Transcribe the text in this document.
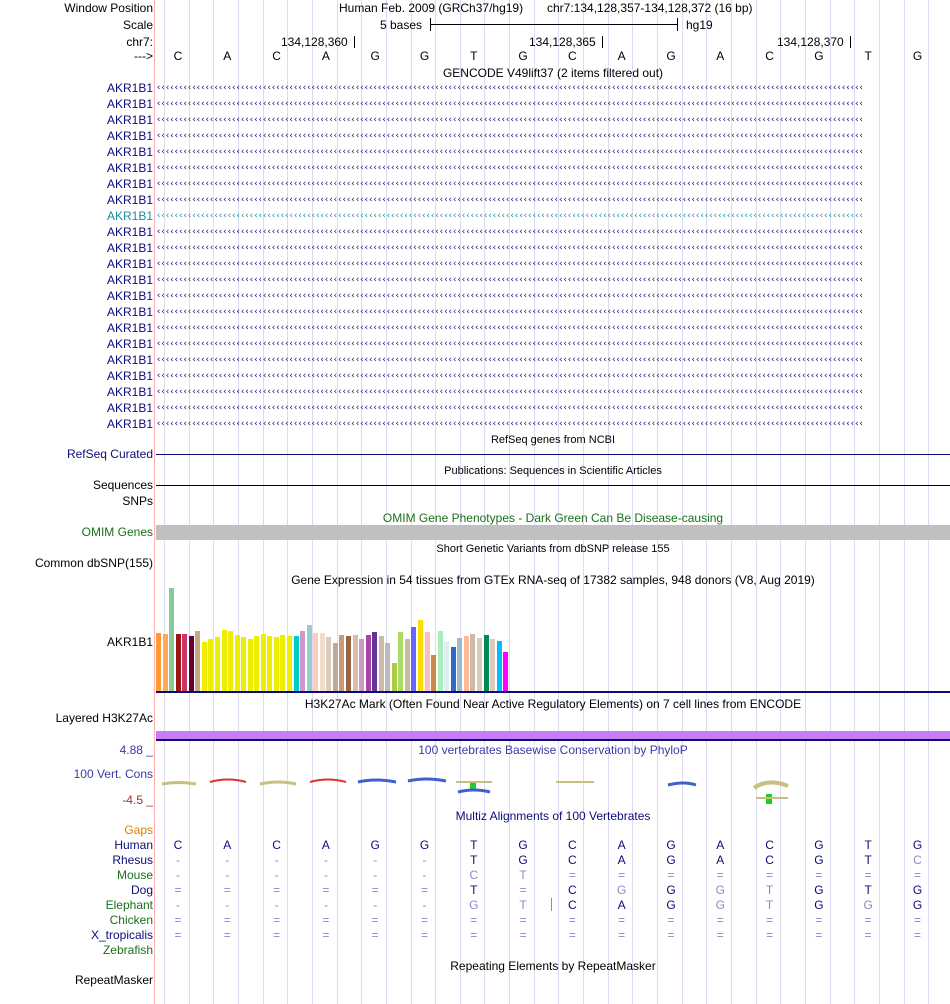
Window Position	Human Feb. 2009 (GRCh37/hg19) chr7:134,128,357-134,128,372 (16 bp)
Scale	5 bases	hg19
chr7:	134,128,360	134,128,365	134,128,370
---> C	A	C	A	G	G	T	G	C	A	G	A	C	G	T	G
GENCODE V49lift37 (2 items filtered out)
AKR1B1 ‹‹‹‹‹‹‹‹‹‹‹‹‹‹‹‹‹‹‹‹‹‹‹‹‹‹‹‹‹‹‹‹‹‹‹‹‹‹‹‹‹‹‹‹‹‹‹‹‹‹‹‹‹‹‹‹‹‹‹‹‹‹‹‹‹‹‹‹‹‹‹‹‹‹‹‹‹‹‹‹‹‹‹‹‹‹‹‹‹‹‹‹‹‹‹‹‹‹‹‹‹‹‹‹‹‹‹‹‹‹‹‹‹‹‹‹‹‹‹‹‹‹‹‹‹‹‹‹‹‹‹‹‹‹‹‹‹‹‹‹‹‹‹‹‹‹‹‹‹‹‹‹‹‹‹‹‹‹‹‹
AKR1B1 ‹‹‹‹‹‹‹‹‹‹‹‹‹‹‹‹‹‹‹‹‹‹‹‹‹‹‹‹‹‹‹‹‹‹‹‹‹‹‹‹‹‹‹‹‹‹‹‹‹‹‹‹‹‹‹‹‹‹‹‹‹‹‹‹‹‹‹‹‹‹‹‹‹‹‹‹‹‹‹‹‹‹‹‹‹‹‹‹‹‹‹‹‹‹‹‹‹‹‹‹‹‹‹‹‹‹‹‹‹‹‹‹‹‹‹‹‹‹‹‹‹‹‹‹‹‹‹‹‹‹‹‹‹‹‹‹‹‹‹‹‹‹‹‹‹‹‹‹‹‹‹‹‹‹‹‹‹‹‹‹
AKR1B1 ‹‹‹‹‹‹‹‹‹‹‹‹‹‹‹‹‹‹‹‹‹‹‹‹‹‹‹‹‹‹‹‹‹‹‹‹‹‹‹‹‹‹‹‹‹‹‹‹‹‹‹‹‹‹‹‹‹‹‹‹‹‹‹‹‹‹‹‹‹‹‹‹‹‹‹‹‹‹‹‹‹‹‹‹‹‹‹‹‹‹‹‹‹‹‹‹‹‹‹‹‹‹‹‹‹‹‹‹‹‹‹‹‹‹‹‹‹‹‹‹‹‹‹‹‹‹‹‹‹‹‹‹‹‹‹‹‹‹‹‹‹‹‹‹‹‹‹‹‹‹‹‹‹‹‹‹‹‹‹‹
AKR1B1 ‹‹‹‹‹‹‹‹‹‹‹‹‹‹‹‹‹‹‹‹‹‹‹‹‹‹‹‹‹‹‹‹‹‹‹‹‹‹‹‹‹‹‹‹‹‹‹‹‹‹‹‹‹‹‹‹‹‹‹‹‹‹‹‹‹‹‹‹‹‹‹‹‹‹‹‹‹‹‹‹‹‹‹‹‹‹‹‹‹‹‹‹‹‹‹‹‹‹‹‹‹‹‹‹‹‹‹‹‹‹‹‹‹‹‹‹‹‹‹‹‹‹‹‹‹‹‹‹‹‹‹‹‹‹‹‹‹‹‹‹‹‹‹‹‹‹‹‹‹‹‹‹‹‹‹‹‹‹‹‹
AKR1B1 ‹‹‹‹‹‹‹‹‹‹‹‹‹‹‹‹‹‹‹‹‹‹‹‹‹‹‹‹‹‹‹‹‹‹‹‹‹‹‹‹‹‹‹‹‹‹‹‹‹‹‹‹‹‹‹‹‹‹‹‹‹‹‹‹‹‹‹‹‹‹‹‹‹‹‹‹‹‹‹‹‹‹‹‹‹‹‹‹‹‹‹‹‹‹‹‹‹‹‹‹‹‹‹‹‹‹‹‹‹‹‹‹‹‹‹‹‹‹‹‹‹‹‹‹‹‹‹‹‹‹‹‹‹‹‹‹‹‹‹‹‹‹‹‹‹‹‹‹‹‹‹‹‹‹‹‹‹‹‹‹
AKR1B1 ‹‹‹‹‹‹‹‹‹‹‹‹‹‹‹‹‹‹‹‹‹‹‹‹‹‹‹‹‹‹‹‹‹‹‹‹‹‹‹‹‹‹‹‹‹‹‹‹‹‹‹‹‹‹‹‹‹‹‹‹‹‹‹‹‹‹‹‹‹‹‹‹‹‹‹‹‹‹‹‹‹‹‹‹‹‹‹‹‹‹‹‹‹‹‹‹‹‹‹‹‹‹‹‹‹‹‹‹‹‹‹‹‹‹‹‹‹‹‹‹‹‹‹‹‹‹‹‹‹‹‹‹‹‹‹‹‹‹‹‹‹‹‹‹‹‹‹‹‹‹‹‹‹‹‹‹‹‹‹‹
AKR1B1 ‹‹‹‹‹‹‹‹‹‹‹‹‹‹‹‹‹‹‹‹‹‹‹‹‹‹‹‹‹‹‹‹‹‹‹‹‹‹‹‹‹‹‹‹‹‹‹‹‹‹‹‹‹‹‹‹‹‹‹‹‹‹‹‹‹‹‹‹‹‹‹‹‹‹‹‹‹‹‹‹‹‹‹‹‹‹‹‹‹‹‹‹‹‹‹‹‹‹‹‹‹‹‹‹‹‹‹‹‹‹‹‹‹‹‹‹‹‹‹‹‹‹‹‹‹‹‹‹‹‹‹‹‹‹‹‹‹‹‹‹‹‹‹‹‹‹‹‹‹‹‹‹‹‹‹‹‹‹‹‹
AKR1B1 ‹‹‹‹‹‹‹‹‹‹‹‹‹‹‹‹‹‹‹‹‹‹‹‹‹‹‹‹‹‹‹‹‹‹‹‹‹‹‹‹‹‹‹‹‹‹‹‹‹‹‹‹‹‹‹‹‹‹‹‹‹‹‹‹‹‹‹‹‹‹‹‹‹‹‹‹‹‹‹‹‹‹‹‹‹‹‹‹‹‹‹‹‹‹‹‹‹‹‹‹‹‹‹‹‹‹‹‹‹‹‹‹‹‹‹‹‹‹‹‹‹‹‹‹‹‹‹‹‹‹‹‹‹‹‹‹‹‹‹‹‹‹‹‹‹‹‹‹‹‹‹‹‹‹‹‹‹‹‹‹
AKR1B1 ‹‹‹‹‹‹‹‹‹‹‹‹‹‹‹‹‹‹‹‹‹‹‹‹‹‹‹‹‹‹‹‹‹‹‹‹‹‹‹‹‹‹‹‹‹‹‹‹‹‹‹‹‹‹‹‹‹‹‹‹‹‹‹‹‹‹‹‹‹‹‹‹‹‹‹‹‹‹‹‹‹‹‹‹‹‹‹‹‹‹‹‹‹‹‹‹‹‹‹‹‹‹‹‹‹‹‹‹‹‹‹‹‹‹‹‹‹‹‹‹‹‹‹‹‹‹‹‹‹‹‹‹‹‹‹‹‹‹‹‹‹‹‹‹‹‹‹‹‹‹‹‹‹‹‹‹‹‹‹‹
AKR1B1 ‹‹‹‹‹‹‹‹‹‹‹‹‹‹‹‹‹‹‹‹‹‹‹‹‹‹‹‹‹‹‹‹‹‹‹‹‹‹‹‹‹‹‹‹‹‹‹‹‹‹‹‹‹‹‹‹‹‹‹‹‹‹‹‹‹‹‹‹‹‹‹‹‹‹‹‹‹‹‹‹‹‹‹‹‹‹‹‹‹‹‹‹‹‹‹‹‹‹‹‹‹‹‹‹‹‹‹‹‹‹‹‹‹‹‹‹‹‹‹‹‹‹‹‹‹‹‹‹‹‹‹‹‹‹‹‹‹‹‹‹‹‹‹‹‹‹‹‹‹‹‹‹‹‹‹‹‹‹‹‹
AKR1B1 ‹‹‹‹‹‹‹‹‹‹‹‹‹‹‹‹‹‹‹‹‹‹‹‹‹‹‹‹‹‹‹‹‹‹‹‹‹‹‹‹‹‹‹‹‹‹‹‹‹‹‹‹‹‹‹‹‹‹‹‹‹‹‹‹‹‹‹‹‹‹‹‹‹‹‹‹‹‹‹‹‹‹‹‹‹‹‹‹‹‹‹‹‹‹‹‹‹‹‹‹‹‹‹‹‹‹‹‹‹‹‹‹‹‹‹‹‹‹‹‹‹‹‹‹‹‹‹‹‹‹‹‹‹‹‹‹‹‹‹‹‹‹‹‹‹‹‹‹‹‹‹‹‹‹‹‹‹‹‹‹
AKR1B1 ‹‹‹‹‹‹‹‹‹‹‹‹‹‹‹‹‹‹‹‹‹‹‹‹‹‹‹‹‹‹‹‹‹‹‹‹‹‹‹‹‹‹‹‹‹‹‹‹‹‹‹‹‹‹‹‹‹‹‹‹‹‹‹‹‹‹‹‹‹‹‹‹‹‹‹‹‹‹‹‹‹‹‹‹‹‹‹‹‹‹‹‹‹‹‹‹‹‹‹‹‹‹‹‹‹‹‹‹‹‹‹‹‹‹‹‹‹‹‹‹‹‹‹‹‹‹‹‹‹‹‹‹‹‹‹‹‹‹‹‹‹‹‹‹‹‹‹‹‹‹‹‹‹‹‹‹‹‹‹‹
AKR1B1 ‹‹‹‹‹‹‹‹‹‹‹‹‹‹‹‹‹‹‹‹‹‹‹‹‹‹‹‹‹‹‹‹‹‹‹‹‹‹‹‹‹‹‹‹‹‹‹‹‹‹‹‹‹‹‹‹‹‹‹‹‹‹‹‹‹‹‹‹‹‹‹‹‹‹‹‹‹‹‹‹‹‹‹‹‹‹‹‹‹‹‹‹‹‹‹‹‹‹‹‹‹‹‹‹‹‹‹‹‹‹‹‹‹‹‹‹‹‹‹‹‹‹‹‹‹‹‹‹‹‹‹‹‹‹‹‹‹‹‹‹‹‹‹‹‹‹‹‹‹‹‹‹‹‹‹‹‹‹‹‹
AKR1B1 ‹‹‹‹‹‹‹‹‹‹‹‹‹‹‹‹‹‹‹‹‹‹‹‹‹‹‹‹‹‹‹‹‹‹‹‹‹‹‹‹‹‹‹‹‹‹‹‹‹‹‹‹‹‹‹‹‹‹‹‹‹‹‹‹‹‹‹‹‹‹‹‹‹‹‹‹‹‹‹‹‹‹‹‹‹‹‹‹‹‹‹‹‹‹‹‹‹‹‹‹‹‹‹‹‹‹‹‹‹‹‹‹‹‹‹‹‹‹‹‹‹‹‹‹‹‹‹‹‹‹‹‹‹‹‹‹‹‹‹‹‹‹‹‹‹‹‹‹‹‹‹‹‹‹‹‹‹‹‹‹
AKR1B1 ‹‹‹‹‹‹‹‹‹‹‹‹‹‹‹‹‹‹‹‹‹‹‹‹‹‹‹‹‹‹‹‹‹‹‹‹‹‹‹‹‹‹‹‹‹‹‹‹‹‹‹‹‹‹‹‹‹‹‹‹‹‹‹‹‹‹‹‹‹‹‹‹‹‹‹‹‹‹‹‹‹‹‹‹‹‹‹‹‹‹‹‹‹‹‹‹‹‹‹‹‹‹‹‹‹‹‹‹‹‹‹‹‹‹‹‹‹‹‹‹‹‹‹‹‹‹‹‹‹‹‹‹‹‹‹‹‹‹‹‹‹‹‹‹‹‹‹‹‹‹‹‹‹‹‹‹‹‹‹‹
AKR1B1 ‹‹‹‹‹‹‹‹‹‹‹‹‹‹‹‹‹‹‹‹‹‹‹‹‹‹‹‹‹‹‹‹‹‹‹‹‹‹‹‹‹‹‹‹‹‹‹‹‹‹‹‹‹‹‹‹‹‹‹‹‹‹‹‹‹‹‹‹‹‹‹‹‹‹‹‹‹‹‹‹‹‹‹‹‹‹‹‹‹‹‹‹‹‹‹‹‹‹‹‹‹‹‹‹‹‹‹‹‹‹‹‹‹‹‹‹‹‹‹‹‹‹‹‹‹‹‹‹‹‹‹‹‹‹‹‹‹‹‹‹‹‹‹‹‹‹‹‹‹‹‹‹‹‹‹‹‹‹‹‹
AKR1B1 ‹‹‹‹‹‹‹‹‹‹‹‹‹‹‹‹‹‹‹‹‹‹‹‹‹‹‹‹‹‹‹‹‹‹‹‹‹‹‹‹‹‹‹‹‹‹‹‹‹‹‹‹‹‹‹‹‹‹‹‹‹‹‹‹‹‹‹‹‹‹‹‹‹‹‹‹‹‹‹‹‹‹‹‹‹‹‹‹‹‹‹‹‹‹‹‹‹‹‹‹‹‹‹‹‹‹‹‹‹‹‹‹‹‹‹‹‹‹‹‹‹‹‹‹‹‹‹‹‹‹‹‹‹‹‹‹‹‹‹‹‹‹‹‹‹‹‹‹‹‹‹‹‹‹‹‹‹‹‹‹
AKR1B1 ‹‹‹‹‹‹‹‹‹‹‹‹‹‹‹‹‹‹‹‹‹‹‹‹‹‹‹‹‹‹‹‹‹‹‹‹‹‹‹‹‹‹‹‹‹‹‹‹‹‹‹‹‹‹‹‹‹‹‹‹‹‹‹‹‹‹‹‹‹‹‹‹‹‹‹‹‹‹‹‹‹‹‹‹‹‹‹‹‹‹‹‹‹‹‹‹‹‹‹‹‹‹‹‹‹‹‹‹‹‹‹‹‹‹‹‹‹‹‹‹‹‹‹‹‹‹‹‹‹‹‹‹‹‹‹‹‹‹‹‹‹‹‹‹‹‹‹‹‹‹‹‹‹‹‹‹‹‹‹‹
AKR1B1 ‹‹‹‹‹‹‹‹‹‹‹‹‹‹‹‹‹‹‹‹‹‹‹‹‹‹‹‹‹‹‹‹‹‹‹‹‹‹‹‹‹‹‹‹‹‹‹‹‹‹‹‹‹‹‹‹‹‹‹‹‹‹‹‹‹‹‹‹‹‹‹‹‹‹‹‹‹‹‹‹‹‹‹‹‹‹‹‹‹‹‹‹‹‹‹‹‹‹‹‹‹‹‹‹‹‹‹‹‹‹‹‹‹‹‹‹‹‹‹‹‹‹‹‹‹‹‹‹‹‹‹‹‹‹‹‹‹‹‹‹‹‹‹‹‹‹‹‹‹‹‹‹‹‹‹‹‹‹‹‹
AKR1B1 ‹‹‹‹‹‹‹‹‹‹‹‹‹‹‹‹‹‹‹‹‹‹‹‹‹‹‹‹‹‹‹‹‹‹‹‹‹‹‹‹‹‹‹‹‹‹‹‹‹‹‹‹‹‹‹‹‹‹‹‹‹‹‹‹‹‹‹‹‹‹‹‹‹‹‹‹‹‹‹‹‹‹‹‹‹‹‹‹‹‹‹‹‹‹‹‹‹‹‹‹‹‹‹‹‹‹‹‹‹‹‹‹‹‹‹‹‹‹‹‹‹‹‹‹‹‹‹‹‹‹‹‹‹‹‹‹‹‹‹‹‹‹‹‹‹‹‹‹‹‹‹‹‹‹‹‹‹‹‹‹
AKR1B1 ‹‹‹‹‹‹‹‹‹‹‹‹‹‹‹‹‹‹‹‹‹‹‹‹‹‹‹‹‹‹‹‹‹‹‹‹‹‹‹‹‹‹‹‹‹‹‹‹‹‹‹‹‹‹‹‹‹‹‹‹‹‹‹‹‹‹‹‹‹‹‹‹‹‹‹‹‹‹‹‹‹‹‹‹‹‹‹‹‹‹‹‹‹‹‹‹‹‹‹‹‹‹‹‹‹‹‹‹‹‹‹‹‹‹‹‹‹‹‹‹‹‹‹‹‹‹‹‹‹‹‹‹‹‹‹‹‹‹‹‹‹‹‹‹‹‹‹‹‹‹‹‹‹‹‹‹‹‹‹‹
AKR1B1 ‹‹‹‹‹‹‹‹‹‹‹‹‹‹‹‹‹‹‹‹‹‹‹‹‹‹‹‹‹‹‹‹‹‹‹‹‹‹‹‹‹‹‹‹‹‹‹‹‹‹‹‹‹‹‹‹‹‹‹‹‹‹‹‹‹‹‹‹‹‹‹‹‹‹‹‹‹‹‹‹‹‹‹‹‹‹‹‹‹‹‹‹‹‹‹‹‹‹‹‹‹‹‹‹‹‹‹‹‹‹‹‹‹‹‹‹‹‹‹‹‹‹‹‹‹‹‹‹‹‹‹‹‹‹‹‹‹‹‹‹‹‹‹‹‹‹‹‹‹‹‹‹‹‹‹‹‹‹‹‹
RefSeq genes from NCBI
RefSeq Curated
Publications: Sequences in Scientific Articles
Sequences
SNPs
OMIM Gene Phenotypes - Dark Green Can Be Disease-causing
OMIM Genes
Short Genetic Variants from dbSNP release 155
Common dbSNP(155)
Gene Expression in 54 tissues from GTEx RNA-seq of 17382 samples, 948 donors (V8, Aug 2019)
AKR1B1
H3K27Ac Mark (Often Found Near Active Regulatory Elements) on 7 cell lines from ENCODE
Layered H3K27Ac
100 vertebrates Basewise Conservation by PhyloP
4.88 _
100 Vert. Cons
-4.5 _
Multiz Alignments of 100 Vertebrates
Gaps
Human C	A	C	A	G	G	T	G	C	A	G	A	C	G	T	G
Rhesus	-	-	-	-	-	-	T	G	C	A	G	A	C	G	T	C
Mouse	-	-	-	-	-	-	C	T	=	=	=	=	=	=	=	=
Dog =	=	=	=	=	=	T	=	C	G	G	G	T	G	T	G
Elephant	-	-	-	-	-	-	G	T	C	A	G	G	T	G	G	G
Chicken =	=	=	=	=	=	=	=	=	=	=	=	=	=	=	=
X_tropicalis =	=	=	=	=	=	=	=	=	=	=	=	=	=	=	=
Zebrafish
Repeating Elements by RepeatMasker
RepeatMasker
